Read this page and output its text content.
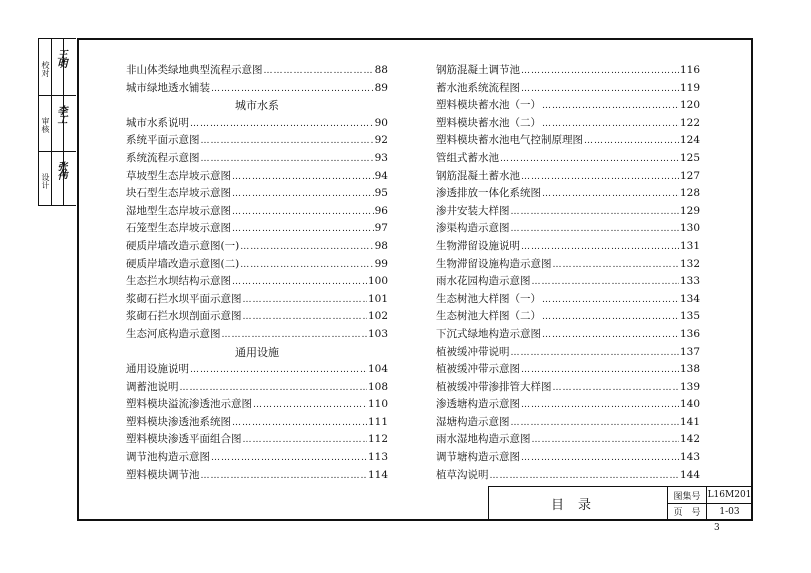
校对
审核
设计
王明
李工
张伟
非山体类绿地典型流程示意图 ……………………………………………………………………………………………………………………………………	88
城市绿地透水铺装 ……………………………………………………………………………………………………………………………………	89
城市水系
城市水系说明 ……………………………………………………………………………………………………………………………………	90
系统平面示意图 ……………………………………………………………………………………………………………………………………	92
系统流程示意图 ……………………………………………………………………………………………………………………………………	93
草坡型生态岸坡示意图 ……………………………………………………………………………………………………………………………………	94
块石型生态岸坡示意图 ……………………………………………………………………………………………………………………………………	95
湿地型生态岸坡示意图 ……………………………………………………………………………………………………………………………………	96
石笼型生态岸坡示意图 ……………………………………………………………………………………………………………………………………	97
硬质岸墙改造示意图(一) ……………………………………………………………………………………………………………………………………	98
硬质岸墙改造示意图(二) ……………………………………………………………………………………………………………………………………	99
生态拦水坝结构示意图 ……………………………………………………………………………………………………………………………………	100
浆砌石拦水坝平面示意图 ……………………………………………………………………………………………………………………………………	101
浆砌石拦水坝剖面示意图 ……………………………………………………………………………………………………………………………………	102
生态河底构造示意图 ……………………………………………………………………………………………………………………………………	103
通用设施
通用设施说明 ……………………………………………………………………………………………………………………………………	104
调蓄池说明 ……………………………………………………………………………………………………………………………………	108
塑料模块溢流渗透池示意图 ……………………………………………………………………………………………………………………………………	110
塑料模块渗透池系统图 ……………………………………………………………………………………………………………………………………	111
塑料模块渗透平面组合图 ……………………………………………………………………………………………………………………………………	112
调节池构造示意图 ……………………………………………………………………………………………………………………………………	113
塑料模块调节池 ……………………………………………………………………………………………………………………………………	114
钢筋混凝土调节池 ……………………………………………………………………………………………………………………………………	116
蓄水池系统流程图 ……………………………………………………………………………………………………………………………………	119
塑料模块蓄水池（一） ……………………………………………………………………………………………………………………………………	120
塑料模块蓄水池（二） ……………………………………………………………………………………………………………………………………	122
塑料模块蓄水池电气控制原理图 ……………………………………………………………………………………………………………………………………	124
管组式蓄水池 ……………………………………………………………………………………………………………………………………	125
钢筋混凝土蓄水池 ……………………………………………………………………………………………………………………………………	127
渗透排放一体化系统图 ……………………………………………………………………………………………………………………………………	128
渗井安装大样图 ……………………………………………………………………………………………………………………………………	129
渗渠构造示意图 ……………………………………………………………………………………………………………………………………	130
生物滞留设施说明 ……………………………………………………………………………………………………………………………………	131
生物滞留设施构造示意图 ……………………………………………………………………………………………………………………………………	132
雨水花园构造示意图 ……………………………………………………………………………………………………………………………………	133
生态树池大样图（一） ……………………………………………………………………………………………………………………………………	134
生态树池大样图（二） ……………………………………………………………………………………………………………………………………	135
下沉式绿地构造示意图 ……………………………………………………………………………………………………………………………………	136
植被缓冲带说明 ……………………………………………………………………………………………………………………………………	137
植被缓冲带示意图 ……………………………………………………………………………………………………………………………………	138
植被缓冲带渗排管大样图 ……………………………………………………………………………………………………………………………………	139
渗透塘构造示意图 ……………………………………………………………………………………………………………………………………	140
湿塘构造示意图 ……………………………………………………………………………………………………………………………………	141
雨水湿地构造示意图 ……………………………………………………………………………………………………………………………………	142
调节塘构造示意图 ……………………………………………………………………………………………………………………………………	143
植草沟说明 ……………………………………………………………………………………………………………………………………	144
目录
图集号 L16M201
页　号	1-03
3
